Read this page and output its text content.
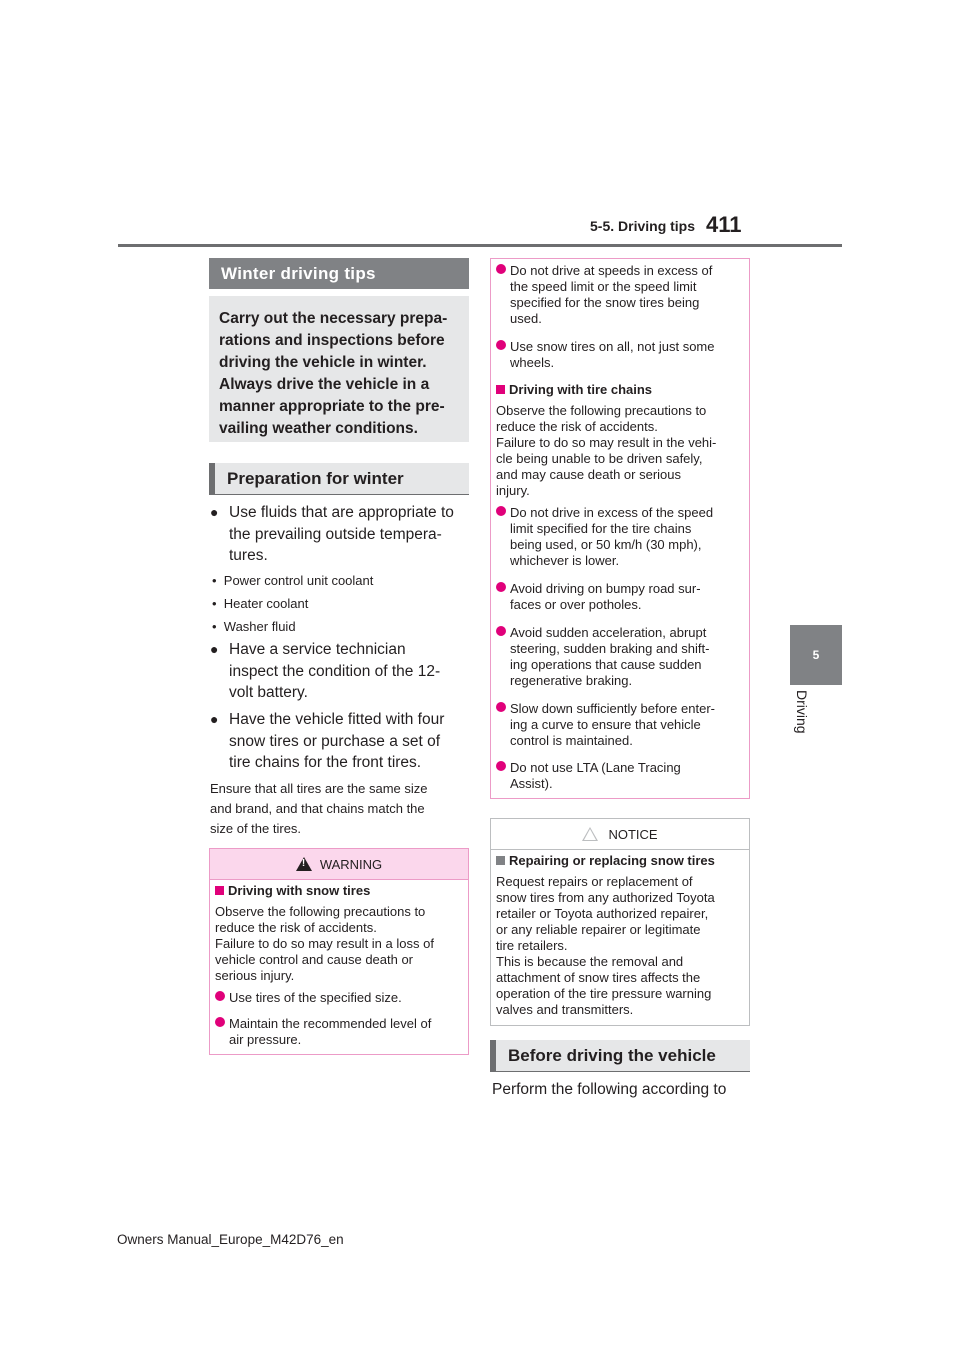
5-5. Driving tips 411
5
Driving
Winter driving tips
Carry out the necessary prepa-
rations and inspections before
driving the vehicle in winter.
Always drive the vehicle in a
manner appropriate to the pre-
vailing weather conditions.
Preparation for winter
● Use fluids that are appropriate to
the prevailing outside tempera-
tures.
•  Power control unit coolant
•  Heater coolant
•  Washer fluid
● Have a service technician
inspect the condition of the 12-
volt battery.
● Have the vehicle fitted with four
snow tires or purchase a set of
tire chains for the front tires.
Ensure that all tires are the same size
and brand, and that chains match the
size of the tires.
!
WARNING
Driving with snow tires
Observe the following precautions to
reduce the risk of accidents.
Failure to do so may result in a loss of
vehicle control and cause death or
serious injury.
Use tires of the specified size.
Maintain the recommended level of
air pressure.
Do not drive at speeds in excess of
the speed limit or the speed limit
specified for the snow tires being
used.
Use snow tires on all, not just some
wheels.
Driving with tire chains
Observe the following precautions to
reduce the risk of accidents.
Failure to do so may result in the vehi-
cle being unable to be driven safely,
and may cause death or serious
injury.
Do not drive in excess of the speed
limit specified for the tire chains
being used, or 50 km/h (30 mph),
whichever is lower.
Avoid driving on bumpy road sur-
faces or over potholes.
Avoid sudden acceleration, abrupt
steering, sudden braking and shift-
ing operations that cause sudden
regenerative braking.
Slow down sufficiently before enter-
ing a curve to ensure that vehicle
control is maintained.
Do not use LTA (Lane Tracing
Assist).
NOTICE
Repairing or replacing snow tires
Request repairs or replacement of
snow tires from any authorized Toyota
retailer or Toyota authorized repairer,
or any reliable repairer or legitimate
tire retailers.
This is because the removal and
attachment of snow tires affects the
operation of the tire pressure warning
valves and transmitters.
Before driving the vehicle
Perform the following according to
Owners Manual_Europe_M42D76_en
